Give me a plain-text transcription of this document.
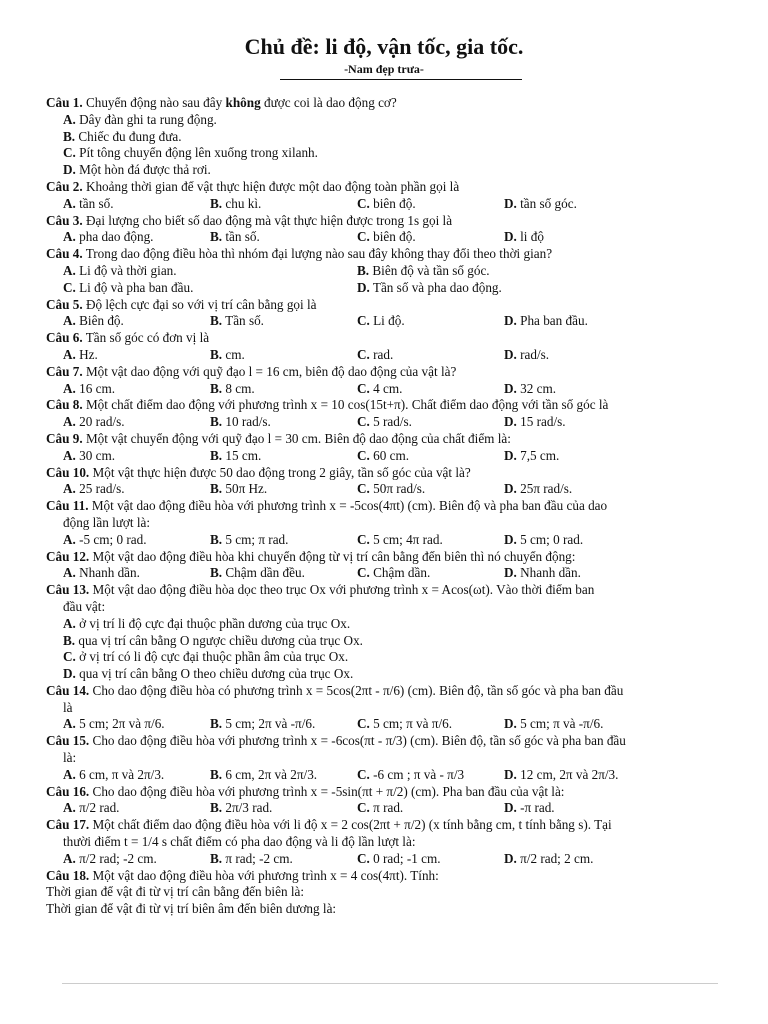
Chủ đề: li độ, vận tốc, gia tốc.
-Nam đẹp trưa-
Câu 1. Chuyển động nào sau đây không được coi là dao động cơ?
A. Dây đàn ghi ta rung động.
B. Chiếc đu đung đưa.
C. Pít tông chuyển động lên xuống trong xilanh.
D. Một hòn đá được thả rơi.
Câu 2. Khoảng thời gian để vật thực hiện được một dao động toàn phần gọi là
A. tần số.	B. chu kì.	C. biên độ.	D. tần số góc.
Câu 3. Đại lượng cho biết số dao động mà vật thực hiện được trong 1s gọi là
A. pha dao động.	B. tần số.	C. biên độ.	D. li độ
Câu 4. Trong dao động điều hòa thì nhóm đại lượng nào sau đây không thay đổi theo thời gian?
A. Li độ và thời gian.	B. Biên độ và tần số góc.
C. Li độ và pha ban đầu.	D. Tần số và pha dao động.
Câu 5. Độ lệch cực đại so với vị trí cân bằng gọi là
A. Biên độ.	B. Tần số.	C. Li độ.	D. Pha ban đầu.
Câu 6. Tần số góc có đơn vị là
A. Hz.	B. cm.	C. rad.	D. rad/s.
Câu 7. Một vật dao động với quỹ đạo l = 16 cm, biên độ dao động của vật là?
A. 16 cm.	B. 8 cm.	C. 4 cm.	D. 32 cm.
Câu 8. Một chất điểm dao động với phương trình x = 10 cos(15t+π). Chất điểm dao động với tần số góc là
A. 20 rad/s.	B. 10 rad/s.	C. 5 rad/s.	D. 15 rad/s.
Câu 9. Một vật chuyển động với quỹ đạo l = 30 cm. Biên độ dao động của chất điểm là:
A. 30 cm.	B. 15 cm.	C. 60 cm.	D. 7,5 cm.
Câu 10. Một vật thực hiện được 50 dao động trong 2 giây, tần số góc của vật là?
A. 25 rad/s.	B. 50π Hz.	C. 50π rad/s.	D. 25π rad/s.
Câu 11. Một vật dao động điều hòa với phương trình x = -5cos(4πt) (cm). Biên độ và pha ban đầu của dao
động lần lượt là:
A. -5 cm; 0 rad.	B. 5 cm; π rad.	C. 5 cm; 4π rad.	D. 5 cm; 0 rad.
Câu 12. Một vật dao động điều hòa khi chuyển động từ vị trí cân bằng đến biên thì nó chuyển động:
A. Nhanh dần.	B. Chậm dần đều.	C. Chậm dần.	D. Nhanh dần.
Câu 13. Một vật dao động điều hòa dọc theo trục Ox với phương trình x = Acos(ωt). Vào thời điểm ban
đầu vật:
A. ở vị trí li độ cực đại thuộc phần dương của trục Ox.
B. qua vị trí cân bằng O ngược chiều dương của trục Ox.
C. ở vị trí có li độ cực đại thuộc phần âm của trục Ox.
D. qua vị trí cân bằng O theo chiều dương của trục Ox.
Câu 14. Cho dao động điều hòa có phương trình x = 5cos(2πt - π/6) (cm). Biên độ, tần số góc và pha ban đầu
là
A. 5 cm; 2π và π/6.	B. 5 cm; 2π và -π/6.	C. 5 cm; π và π/6.	D. 5 cm; π và -π/6.
Câu 15. Cho dao động điều hòa với phương trình x = -6cos(πt - π/3) (cm). Biên độ, tần số góc và pha ban đầu
là:
A. 6 cm, π và 2π/3.	B. 6 cm, 2π và 2π/3.	C. -6 cm ; π và - π/3	D. 12 cm, 2π và 2π/3.
Câu 16. Cho dao động điều hòa với phương trình x = -5sin(πt + π/2) (cm). Pha ban đầu của vật là:
A. π/2 rad.	B. 2π/3 rad.	C. π rad.	D. -π rad.
Câu 17. Một chất điểm dao động điều hòa với li độ x = 2 cos(2πt + π/2) (x tính bằng cm, t tính bằng s). Tại
thười điểm t = 1/4 s chất điểm có pha dao động và li độ lần lượt là:
A. π/2 rad; -2 cm.	B. π rad; -2 cm.	C. 0 rad; -1 cm.	D. π/2 rad; 2 cm.
Câu 18. Một vật dao động điều hòa với phương trình x = 4 cos(4πt). Tính:
Thời gian để vật đi từ vị trí cân bằng đến biên là:
Thời gian để vật đi từ vị trí biên âm đến biên dương là:
